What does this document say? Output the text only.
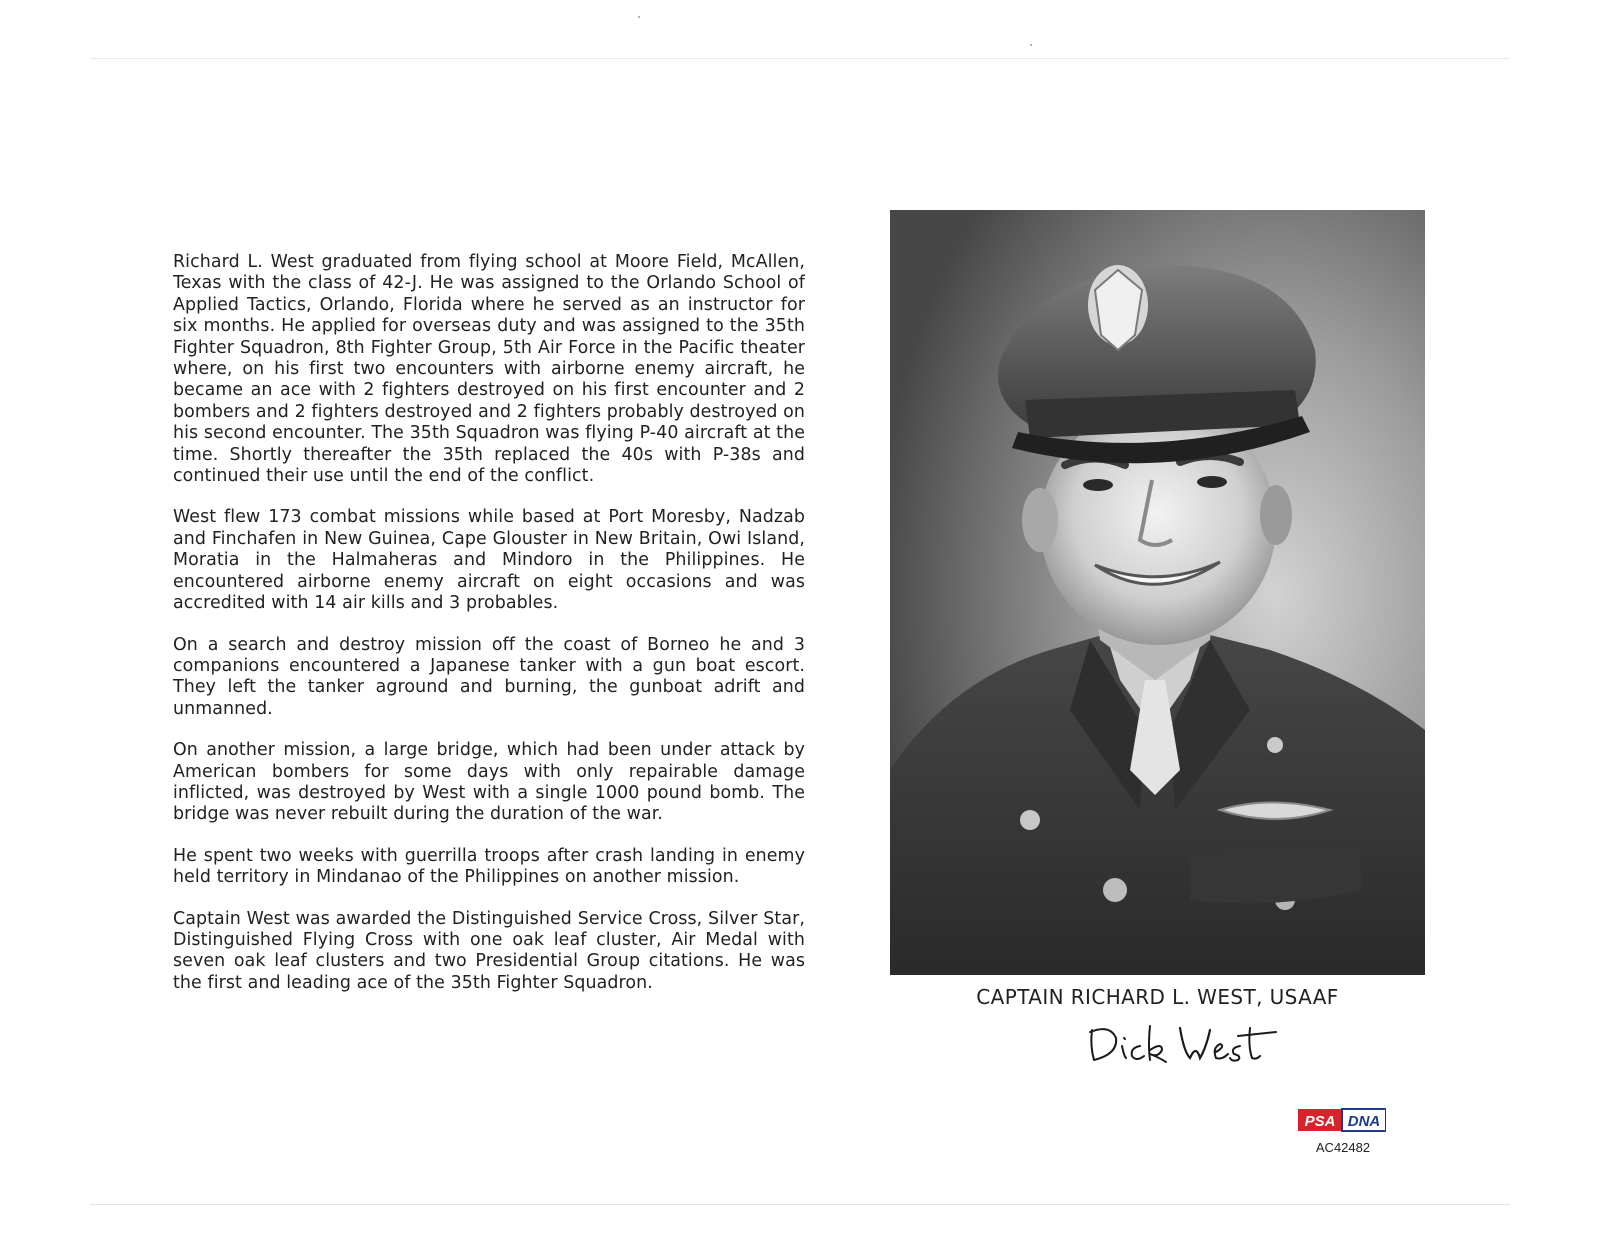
Richard L. West graduated from flying school at Moore Field, McAllen, Texas with the class of 42-J. He was assigned to the Orlando School of Applied Tactics, Orlando, Florida where he served as an instructor for six months. He applied for overseas duty and was assigned to the 35th Fighter Squadron, 8th Fighter Group, 5th Air Force in the Pacific theater where, on his first two encounters with airborne enemy aircraft, he became an ace with 2 fighters destroyed on his first encounter and 2 bombers and 2 fighters destroyed and 2 fighters probably destroyed on his second encounter. The 35th Squadron was flying P-40 aircraft at the time. Shortly thereafter the 35th replaced the 40s with P-38s and continued their use until the end of the conflict.

West flew 173 combat missions while based at Port Moresby, Nadzab and Finchafen in New Guinea, Cape Glouster in New Britain, Owi Island, Moratia in the Halmaheras and Mindoro in the Philippines. He encountered airborne enemy aircraft on eight occasions and was accredited with 14 air kills and 3 probables.

On a search and destroy mission off the coast of Borneo he and 3 companions encountered a Japanese tanker with a gun boat escort. They left the tanker aground and burning, the gunboat adrift and unmanned.

On another mission, a large bridge, which had been under attack by American bombers for some days with only repairable damage inflicted, was destroyed by West with a single 1000 pound bomb. The bridge was never rebuilt during the duration of the war.

He spent two weeks with guerrilla troops after crash landing in enemy held territory in Mindanao of the Philippines on another mission.

Captain West was awarded the Distinguished Service Cross, Silver Star, Distinguished Flying Cross with one oak leaf cluster, Air Medal with seven oak leaf clusters and two Presidential Group citations. He was the first and leading ace of the 35th Fighter Squadron.

CAPTAIN RICHARD L. WEST, USAAF
PSA DNA
AC42482
